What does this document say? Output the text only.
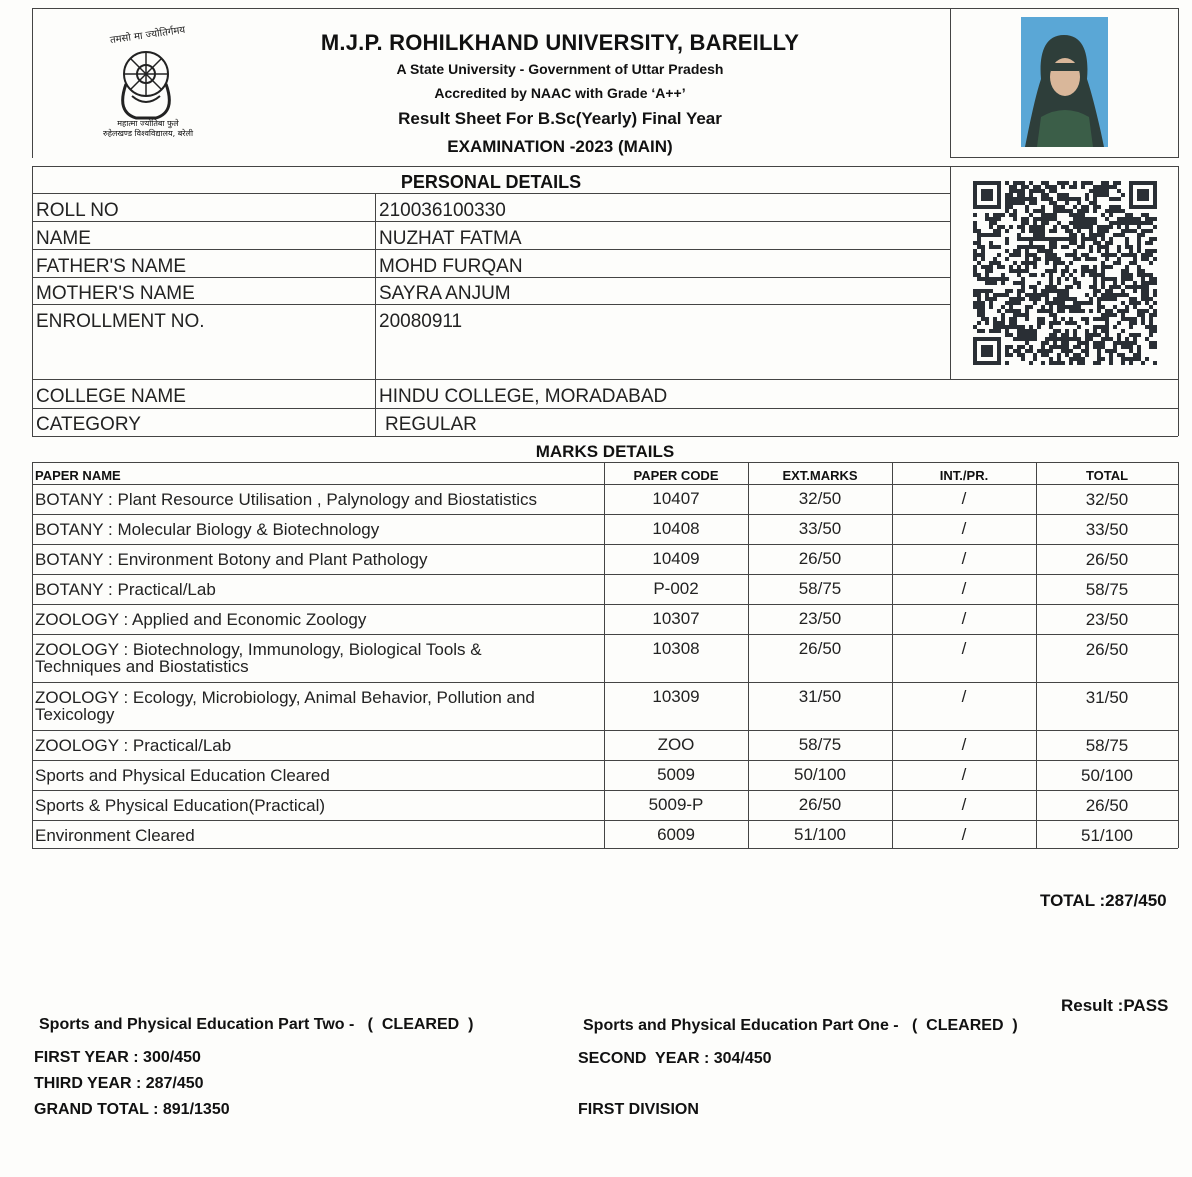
तमसो मा ज्योतिर्गमय
महात्मा ज्योतिबा फुले
रुहेलखण्ड विश्वविद्यालय, बरेली
M.J.P. ROHILKHAND UNIVERSITY, BAREILLY
A State University - Government of Uttar Pradesh
Accredited by NAAC with Grade ‘A++’
Result Sheet For B.Sc(Yearly) Final Year
EXAMINATION -2023 (MAIN)
PERSONAL DETAILS
ROLL NO	210036100330
NAME	NUZHAT FATMA
FATHER'S NAME	MOHD FURQAN
MOTHER'S NAME	SAYRA ANJUM
ENROLLMENT NO.	20080911
COLLEGE NAME	HINDU COLLEGE, MORADABAD
CATEGORY	REGULAR
MARKS DETAILS
PAPER NAME	PAPER CODE	EXT.MARKS	INT./PR.	TOTAL
BOTANY : Plant Resource Utilisation , Palynology and Biostatistics	10407	32/50	/	32/50
BOTANY : Molecular Biology & Biotechnology	10408	33/50	/	33/50
BOTANY : Environment Botony and Plant Pathology	10409	26/50	/	26/50
BOTANY : Practical/Lab	P-002	58/75	/	58/75
ZOOLOGY : Applied and Economic Zoology	10307	23/50	/	23/50
ZOOLOGY : Biotechnology, Immunology, Biological Tools &
Techniques and Biostatistics
10308	26/50	/	26/50
ZOOLOGY : Ecology, Microbiology, Animal Behavior, Pollution and
Texicology
10309	31/50	/	31/50
ZOOLOGY : Practical/Lab	ZOO	58/75	/	58/75
Sports and Physical Education Cleared	5009	50/100	/	50/100
Sports & Physical Education(Practical)	5009-P	26/50	/	26/50
Environment Cleared	6009	51/100	/	51/100
TOTAL :287/450
Result :PASS
Sports and Physical Education Part Two -   (  CLEARED  )	Sports and Physical Education Part One -   (  CLEARED  )
FIRST YEAR : 300/450	SECOND  YEAR : 304/450
THIRD YEAR : 287/450
GRAND TOTAL : 891/1350	FIRST DIVISION
